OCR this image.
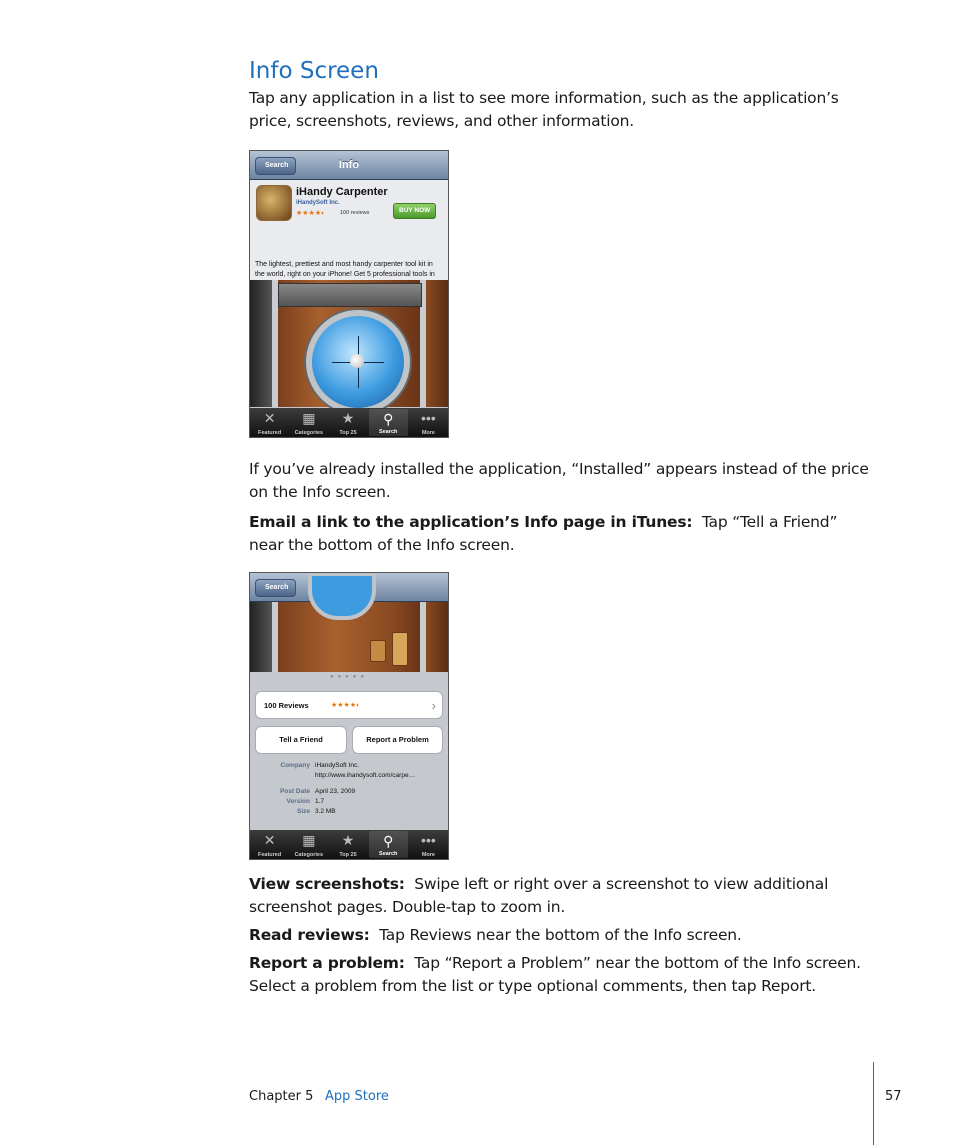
Info Screen
Tap any application in a list to see more information, such as the application’s price, screenshots, reviews, and other information.
Search	Info
iHandy Carpenter
iHandySoft Inc.
★★★★◐	100 reviews	BUY NOW
The lightest, prettiest and most handy carpenter tool kit in the world, right on your iPhone! Get 5 professional tools in
✕
Featured
▦
Categories
★
Top 25
⚲
Search
•••
More
If you’ve already installed the application, “Installed” appears instead of the price on the Info screen.
Email a link to the application’s Info page in iTunes: Tap “Tell a Friend” near the bottom of the Info screen.
Search
●●●●●
100 Reviews	★★★★◐	›
Tell a Friend	Report a Problem
Company iHandySoft Inc.
http://www.ihandysoft.com/carpe…
Post Date April 23, 2009
Version 1.7
Size 3.2 MB
✕
Featured
▦
Categories
★
Top 25
⚲
Search
•••
More
View screenshots: Swipe left or right over a screenshot to view additional screenshot pages. Double-tap to zoom in.
Read reviews: Tap Reviews near the bottom of the Info screen.
Report a problem: Tap “Report a Problem” near the bottom of the Info screen. Select a problem from the list or type optional comments, then tap Report.
Chapter 5 App Store	57
